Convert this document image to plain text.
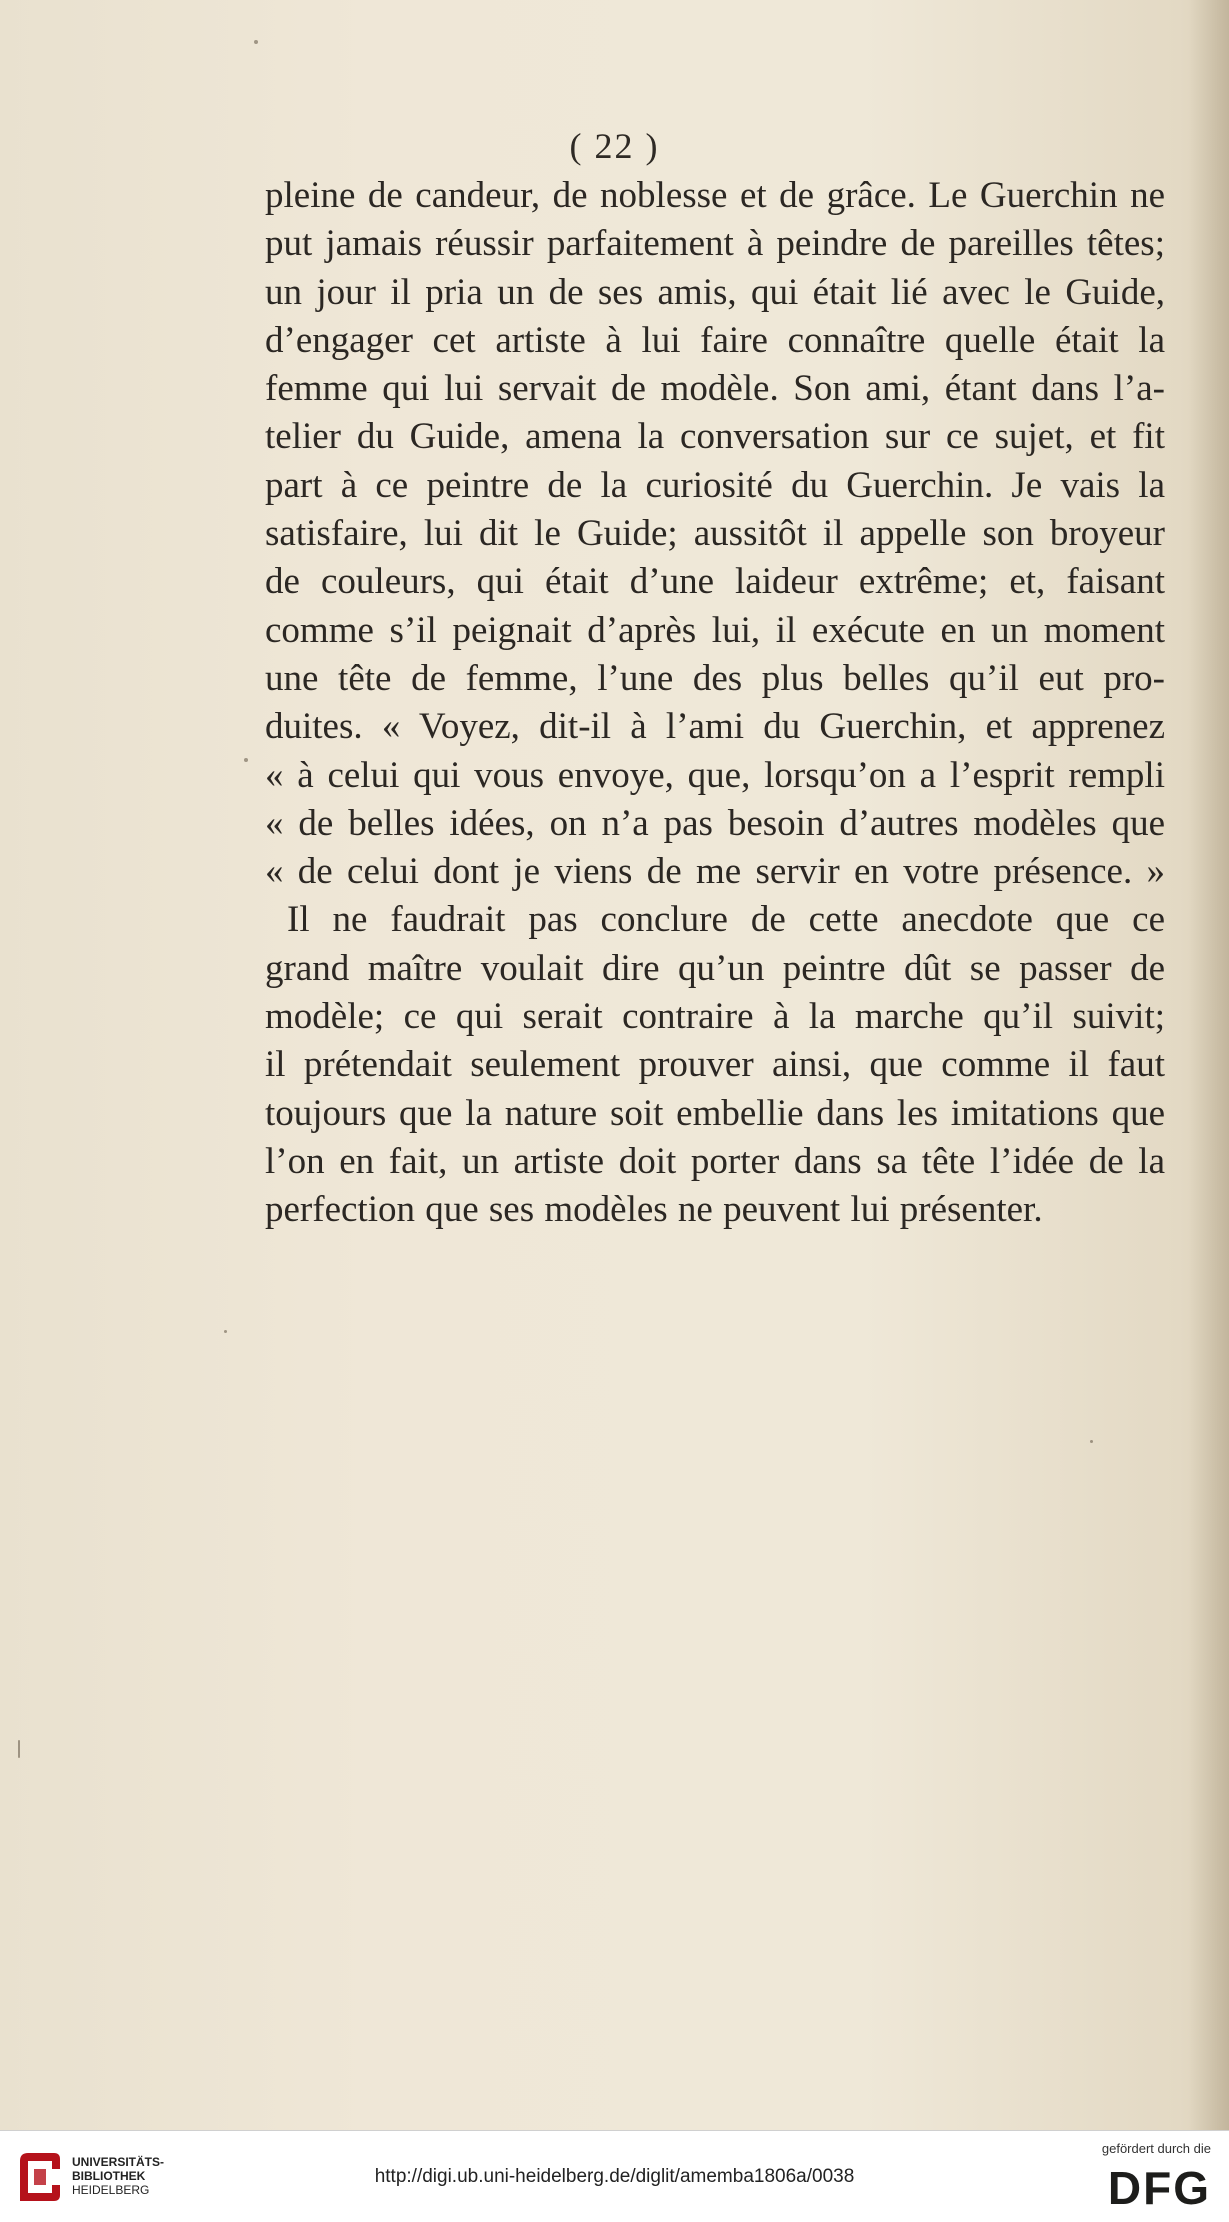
( 22 )
pleine de candeur, de noblesse et de grâce. Le Guerchin ne
put jamais réussir parfaitement à peindre de pareilles têtes;
un jour il pria un de ses amis, qui était lié avec le Guide,
d’engager cet artiste à lui faire connaître quelle était la
femme qui lui servait de modèle. Son ami, étant dans l’a-
telier du Guide, amena la conversation sur ce sujet, et fit
part à ce peintre de la curiosité du Guerchin. Je vais la
satisfaire, lui dit le Guide; aussitôt il appelle son broyeur
de couleurs, qui était d’une laideur extrême; et, faisant
comme s’il peignait d’après lui, il exécute en un moment
une tête de femme, l’une des plus belles qu’il eut pro-
duites. « Voyez, dit-il à l’ami du Guerchin, et apprenez
« à celui qui vous envoye, que, lorsqu’on a l’esprit rempli
« de belles idées, on n’a pas besoin d’autres modèles que
« de celui dont je viens de me servir en votre présence. »
Il ne faudrait pas conclure de cette anecdote que ce
grand maître voulait dire qu’un peintre dût se passer de
modèle; ce qui serait contraire à la marche qu’il suivit;
il prétendait seulement prouver ainsi, que comme il faut
toujours que la nature soit embellie dans les imitations que
l’on en fait, un artiste doit porter dans sa tête l’idée de la
perfection que ses modèles ne peuvent lui présenter.
UNIVERSITÄTS-
BIBLIOTHEK
HEIDELBERG
http://digi.ub.uni-heidelberg.de/diglit/amemba1806a/0038
gefördert durch die
DFG
